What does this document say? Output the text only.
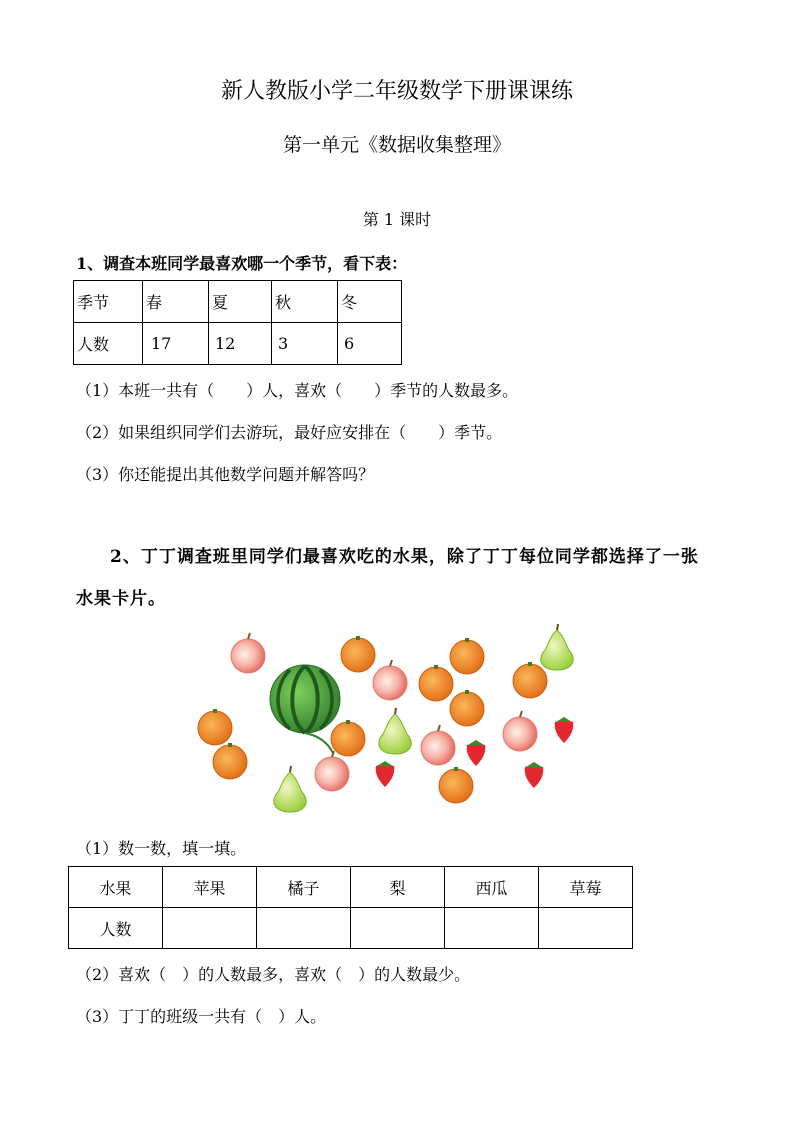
新人教版小学二年级数学下册课课练
第一单元《数据收集整理》
第 1 课时
1、调查本班同学最喜欢哪一个季节，看下表：
季节	春	夏	秋	冬
人数	17	12	3	6
（1）本班一共有（　　）人，喜欢（　　）季节的人数最多。
（2）如果组织同学们去游玩，最好应安排在（　　）季节。
（3）你还能提出其他数学问题并解答吗？
2、丁丁调查班里同学们最喜欢吃的水果，除了丁丁每位同学都选择了一张
水果卡片。
（1）数一数，填一填。
水果	苹果	橘子	梨	西瓜	草莓
人数					
（2）喜欢（　）的人数最多，喜欢（　）的人数最少。
（3）丁丁的班级一共有（　）人。
